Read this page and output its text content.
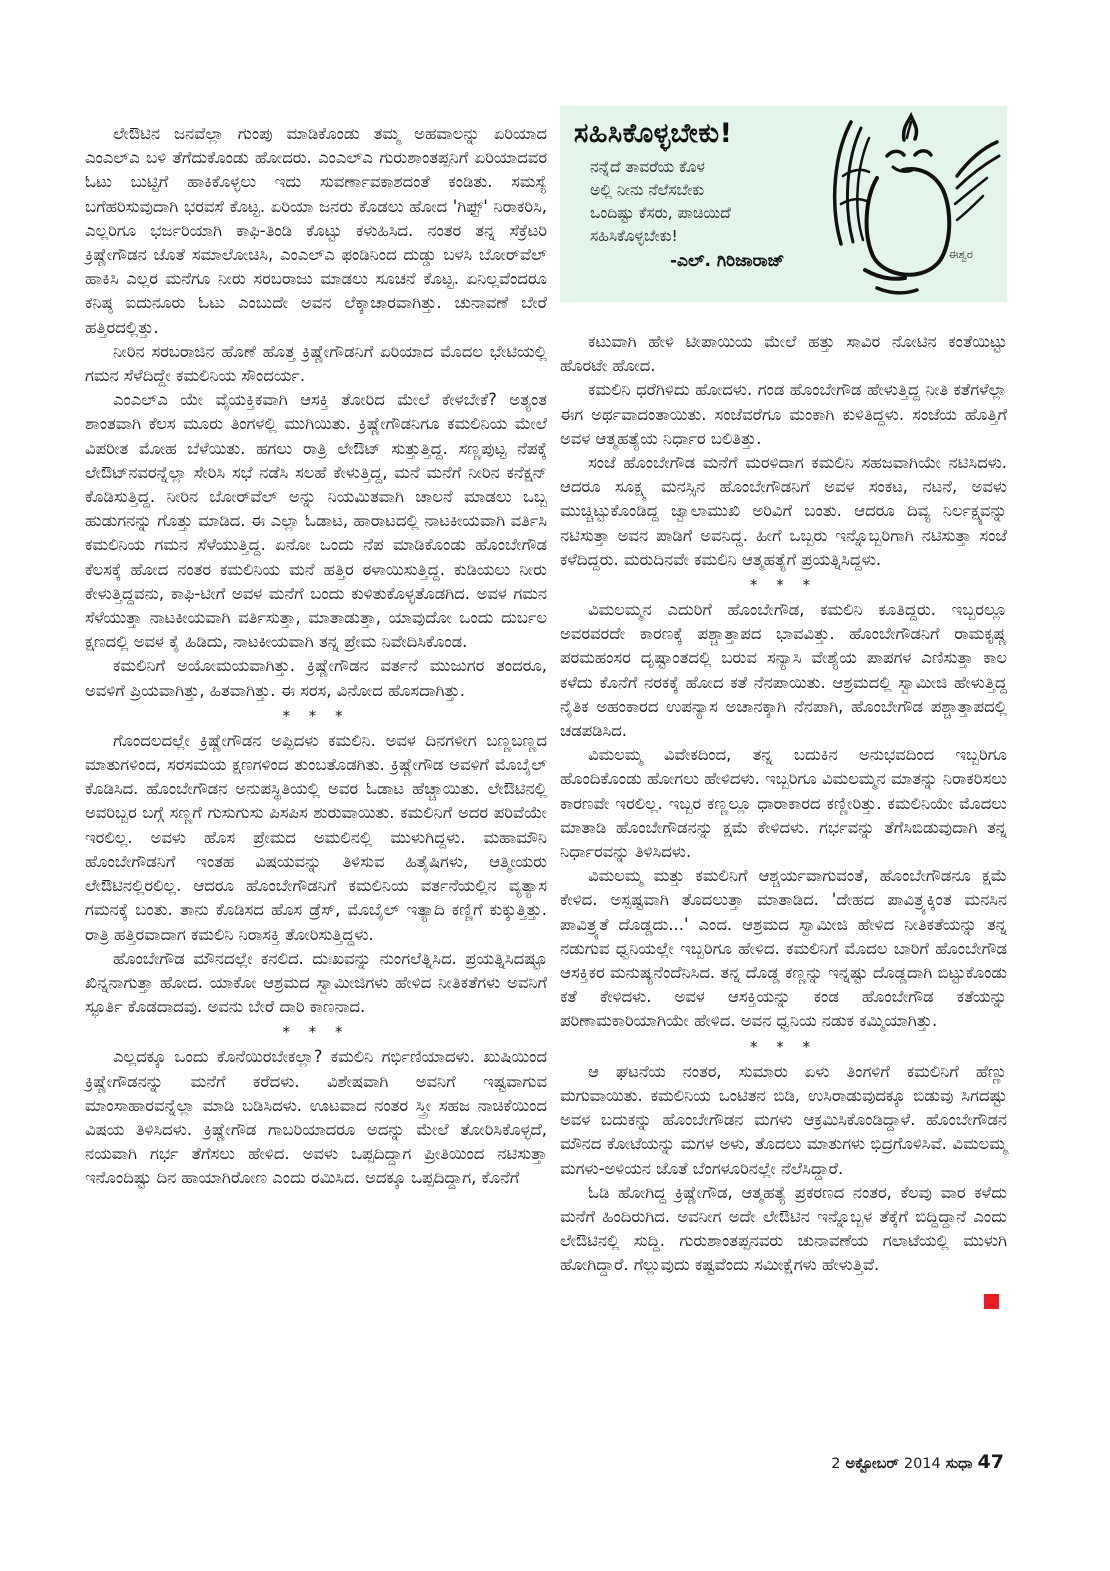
ಲೇಔಟಿನ ಜನವೆಲ್ಲಾ ಗುಂಪು ಮಾಡಿಕೊಂಡು ತಮ್ಮ ಅಹವಾಲನ್ನು ಏರಿಯಾದ ಎಂಎಲ್‌ಎ ಬಳಿ ತೆಗೆದುಕೊಂಡು ಹೋದರು. ಎಂಎಲ್‌ಎ ಗುರುಶಾಂತಪ್ಪನಿಗೆ ಏರಿಯಾದವರ ಓಟು ಬುಟ್ಟಿಗೆ ಹಾಕಿಕೊಳ್ಳಲು ಇದು ಸುವರ್ಣಾವಕಾಶದಂತೆ ಕಂಡಿತು. ಸಮಸ್ಯೆ ಬಗೆಹರಿಸುವುದಾಗಿ ಭರವಸೆ ಕೊಟ್ಟ. ಏರಿಯಾ ಜನರು ಕೊಡಲು ಹೋದ 'ಗಿಫ್ಟ್' ನಿರಾಕರಿಸಿ, ಎಲ್ಲರಿಗೂ ಭರ್ಜರಿಯಾಗಿ ಕಾಫಿ-ತಿಂಡಿ ಕೊಟ್ಟು ಕಳುಹಿಸಿದ. ನಂತರ ತನ್ನ ಸೆಕ್ರೆಟರಿ ಕ್ರಿಷ್ಣೇಗೌಡನ ಜೊತೆ ಸಮಾಲೋಚಿಸಿ, ಎಂಎಲ್‌ಎ ಫಂಡಿನಿಂದ ದುಡ್ಡು ಬಳಸಿ ಬೋರ್‌ವೆಲ್ ಹಾಕಿಸಿ ಎಲ್ಲರ ಮನೆಗೂ ನೀರು ಸರಬರಾಜು ಮಾಡಲು ಸೂಚನೆ ಕೊಟ್ಟ. ಏನಿಲ್ಲವೆಂದರೂ ಕನಿಷ್ಠ ಐದುನೂರು ಓಟು ಎಂಬುದೇ ಅವನ ಲೆಕ್ಕಾಚಾರವಾಗಿತ್ತು. ಚುನಾವಣೆ ಬೇರೆ ಹತ್ತಿರದಲ್ಲಿತ್ತು.

ನೀರಿನ ಸರಬರಾಜಿನ ಹೊಣೆ ಹೊತ್ತ ಕ್ರಿಷ್ಣೇಗೌಡನಿಗೆ ಏರಿಯಾದ ಮೊದಲ ಭೇಟಿಯಲ್ಲಿ ಗಮನ ಸೆಳೆದಿದ್ದೇ ಕಮಲಿನಿಯ ಸೌಂದರ್ಯ.

ಎಂಎಲ್‌ಎ ಯೇ ವೈಯಕ್ತಿಕವಾಗಿ ಆಸಕ್ತಿ ತೋರಿದ ಮೇಲೆ ಕೇಳಬೇಕೆ? ಅತ್ಯಂತ ಶಾಂತವಾಗಿ ಕೆಲಸ ಮೂರು ತಿಂಗಳಲ್ಲಿ ಮುಗಿಯಿತು. ಕ್ರಿಷ್ಣೇಗೌಡನಿಗೂ ಕಮಲಿನಿಯ ಮೇಲೆ ವಿಪರೀತ ಮೋಹ ಬೆಳೆಯಿತು. ಹಗಲು ರಾತ್ರಿ ಲೇಔಟ್ ಸುತ್ತುತ್ತಿದ್ದ. ಸಣ್ಣಪುಟ್ಟ ನೆಪಕ್ಕೆ ಲೇಔಟ್‌ನವರನ್ನೆಲ್ಲಾ ಸೇರಿಸಿ ಸಭೆ ನಡೆಸಿ ಸಲಹೆ ಕೇಳುತ್ತಿದ್ದ, ಮನೆ ಮನೆಗೆ ನೀರಿನ ಕನೆಕ್ಷನ್ ಕೊಡಿಸುತ್ತಿದ್ದ. ನೀರಿನ ಬೋರ್‌ವೆಲ್ ಅನ್ನು ನಿಯಮಿತವಾಗಿ ಚಾಲನೆ ಮಾಡಲು ಒಬ್ಬ ಹುಡುಗನನ್ನು ಗೊತ್ತು ಮಾಡಿದ. ಈ ಎಲ್ಲಾ ಓಡಾಟ, ಹಾರಾಟದಲ್ಲಿ ನಾಟಕೀಯವಾಗಿ ವರ್ತಿಸಿ ಕಮಲಿನಿಯ ಗಮನ ಸೆಳೆಯುತ್ತಿದ್ದ. ಏನೋ ಒಂದು ನೆಪ ಮಾಡಿಕೊಂಡು ಹೊಂಬೇಗೌಡ ಕೆಲಸಕ್ಕೆ ಹೋದ ನಂತರ ಕಮಲಿನಿಯ ಮನೆ ಹತ್ತಿರ ಠಳಾಯಿಸುತ್ತಿದ್ದ. ಕುಡಿಯಲು ನೀರು ಕೇಳುತ್ತಿದ್ದವನು, ಕಾಫಿ-ಟೀಗೆ ಅವಳ ಮನೆಗೆ ಬಂದು ಕುಳಿತುಕೊಳ್ಳತೊಡಗಿದ. ಅವಳ ಗಮನ ಸೆಳೆಯುತ್ತಾ ನಾಟಕೀಯವಾಗಿ ವರ್ತಿಸುತ್ತಾ, ಮಾತಾಡುತ್ತಾ, ಯಾವುದೋ ಒಂದು ದುರ್ಬಲ ಕ್ಷಣದಲ್ಲಿ ಅವಳ ಕೈ ಹಿಡಿದು, ನಾಟಕೀಯವಾಗಿ ತನ್ನ ಪ್ರೇಮ ನಿವೇದಿಸಿಕೊಂಡ.

ಕಮಲಿನಿಗೆ ಅಯೋಮಯವಾಗಿತ್ತು. ಕ್ರಿಷ್ಣೇಗೌಡನ ವರ್ತನೆ ಮುಜುಗರ ತಂದರೂ, ಅವಳಿಗೆ ಪ್ರಿಯವಾಗಿತ್ತು, ಹಿತವಾಗಿತ್ತು. ಈ ಸರಸ, ವಿನೋದ ಹೊಸದಾಗಿತ್ತು.

* * *

ಗೊಂದಲದಲ್ಲೇ ಕ್ರಿಷ್ಣೇಗೌಡನ ಅಪ್ಪಿದಳು ಕಮಲಿನಿ. ಅವಳ ದಿನಗಳೀಗ ಬಣ್ಣಬಣ್ಣದ ಮಾತುಗಳಿಂದ, ಸರಸಮಯ ಕ್ಷಣಗಳಿಂದ ತುಂಬತೊಡಗಿತು. ಕ್ರಿಷ್ಣೇಗೌಡ ಅವಳಿಗೆ ಮೊಬೈಲ್ ಕೊಡಿಸಿದ. ಹೊಂಬೇಗೌಡನ ಅನುಪಸ್ಥಿತಿಯಲ್ಲಿ ಅವರ ಓಡಾಟ ಹೆಚ್ಚಾಯಿತು. ಲೇಔಟಿನಲ್ಲಿ ಅವರಿಬ್ಬರ ಬಗ್ಗೆ ಸಣ್ಣಗೆ ಗುಸುಗುಸು ಪಿಸಪಿಸ ಶುರುವಾಯಿತು. ಕಮಲಿನಿಗೆ ಅದರ ಪರಿವೆಯೇ ಇರಲಿಲ್ಲ. ಅವಳು ಹೊಸ ಪ್ರೇಮದ ಅಮಲಿನಲ್ಲಿ ಮುಳುಗಿದ್ದಳು. ಮಹಾಮೌನಿ ಹೊಂಬೇಗೌಡನಿಗೆ ಇಂತಹ ವಿಷಯವನ್ನು ತಿಳಿಸುವ ಹಿತೈಷಿಗಳು, ಆತ್ಮೀಯರು ಲೇಔಟಿನಲ್ಲಿರಲಿಲ್ಲ. ಆದರೂ ಹೊಂಬೇಗೌಡನಿಗೆ ಕಮಲಿನಿಯ ವರ್ತನೆಯಲ್ಲಿನ ವ್ಯತ್ಯಾಸ ಗಮನಕ್ಕೆ ಬಂತು. ತಾನು ಕೊಡಿಸದ ಹೊಸ ಡ್ರೆಸ್, ಮೊಬೈಲ್ ಇತ್ಯಾದಿ ಕಣ್ಣಿಗೆ ಕುಕ್ಕುತ್ತಿತ್ತು. ರಾತ್ರಿ ಹತ್ತಿರವಾದಾಗ ಕಮಲಿನಿ ನಿರಾಸಕ್ತಿ ತೋರಿಸುತ್ತಿದ್ದಳು.

ಹೊಂಬೇಗೌಡ ಮೌನದಲ್ಲೇ ಕನಲಿದ. ದುಃಖವನ್ನು ನುಂಗಲೆತ್ನಿಸಿದ. ಪ್ರಯತ್ನಿಸಿದಷ್ಟೂ ಖಿನ್ನನಾಗುತ್ತಾ ಹೋದ. ಯಾಕೋ ಆಶ್ರಮದ ಸ್ವಾಮೀಜಿಗಳು ಹೇಳಿದ ನೀತಿಕತೆಗಳು ಅವನಿಗೆ ಸ್ಫೂರ್ತಿ ಕೊಡದಾದವು. ಅವನು ಬೇರೆ ದಾರಿ ಕಾಣನಾದ.

* * *

ಎಲ್ಲದಕ್ಕೂ ಒಂದು ಕೊನೆಯಿರಬೇಕಲ್ಲಾ? ಕಮಲಿನಿ ಗರ್ಭಿಣಿಯಾದಳು. ಖುಷಿಯಿಂದ ಕ್ರಿಷ್ಣೇಗೌಡನನ್ನು ಮನೆಗೆ ಕರೆದಳು. ವಿಶೇಷವಾಗಿ ಅವನಿಗೆ ಇಷ್ಟವಾಗುವ ಮಾಂಸಾಹಾರವನ್ನೆಲ್ಲಾ ಮಾಡಿ ಬಡಿಸಿದಳು. ಊಟವಾದ ನಂತರ ಸ್ತ್ರೀ ಸಹಜ ನಾಚಿಕೆಯಿಂದ ವಿಷಯ ತಿಳಿಸಿದಳು. ಕ್ರಿಷ್ಣೇಗೌಡ ಗಾಬರಿಯಾದರೂ ಅದನ್ನು ಮೇಲೆ ತೋರಿಸಿಕೊಳ್ಳದೆ, ನಯವಾಗಿ ಗರ್ಭ ತೆಗೆಸಲು ಹೇಳಿದ. ಅವಳು ಒಪ್ಪದಿದ್ದಾಗ ಪ್ರೀತಿಯಿಂದ ನಟಿಸುತ್ತಾ ಇನೊಂದಿಷ್ಟು ದಿನ ಹಾಯಾಗಿರೋಣ ಎಂದು ರಮಿಸಿದ. ಅದಕ್ಕೂ ಒಪ್ಪದಿದ್ದಾಗ, ಕೊನೆಗೆ

ಸಹಿಸಿಕೊಳ್ಳಬೇಕು!
ನನ್ನೆದೆ ತಾವರೆಯ ಕೊಳ
ಅಲ್ಲಿ ನೀನು ನೆಲೆಸಬೇಕು
ಒಂದಿಷ್ಟು ಕೆಸರು, ಪಾಚಿಯಿದೆ
ಸಹಿಸಿಕೊಳ್ಳಬೇಕು!
-ಎಲ್. ಗಿರಿಜಾರಾಜ್	ಈಶ್ವರ

ಕಟುವಾಗಿ ಹೇಳಿ ಟೀಪಾಯಿಯ ಮೇಲೆ ಹತ್ತು ಸಾವಿರ ನೋಟಿನ ಕಂತೆಯಿಟ್ಟು ಹೊರಟೇ ಹೋದ.

ಕಮಲಿನಿ ಧರೆಗಿಳಿದು ಹೋದಳು. ಗಂಡ ಹೊಂಬೇಗೌಡ ಹೇಳುತ್ತಿದ್ದ ನೀತಿ ಕತೆಗಳೆಲ್ಲಾ ಈಗ ಅರ್ಥವಾದಂತಾಯಿತು. ಸಂಜೆವರೆಗೂ ಮಂಕಾಗಿ ಕುಳಿತಿದ್ದಳು. ಸಂಜೆಯ ಹೊತ್ತಿಗೆ ಅವಳ ಆತ್ಮಹತ್ಯೆಯ ನಿರ್ಧಾರ ಬಲಿತಿತ್ತು.

ಸಂಜೆ ಹೊಂಬೇಗೌಡ ಮನೆಗೆ ಮರಳಿದಾಗ ಕಮಲಿನಿ ಸಹಜವಾಗಿಯೇ ನಟಿಸಿದಳು. ಆದರೂ ಸೂಕ್ಷ್ಮ ಮನಸ್ಸಿನ ಹೊಂಬೇಗೌಡನಿಗೆ ಅವಳ ಸಂಕಟ, ನಟನೆ, ಅವಳು ಮುಚ್ಚಿಟ್ಟುಕೊಂಡಿದ್ದ ಜ್ವಾಲಾಮುಖಿ ಅರಿವಿಗೆ ಬಂತು. ಆದರೂ ದಿವ್ಯ ನಿರ್ಲಕ್ಷ್ಯವನ್ನು ನಟಿಸುತ್ತಾ ಅವನ ಪಾಡಿಗೆ ಅವನಿದ್ದ. ಹೀಗೆ ಒಬ್ಬರು ಇನ್ನೊಬ್ಬರಿಗಾಗಿ ನಟಿಸುತ್ತಾ ಸಂಜೆ ಕಳೆದಿದ್ದರು. ಮರುದಿನವೇ ಕಮಲಿನಿ ಆತ್ಮಹತ್ಯೆಗೆ ಪ್ರಯತ್ನಿಸಿದ್ದಳು.

* * *

ವಿಮಲಮ್ಮನ ಎದುರಿಗೆ ಹೊಂಬೇಗೌಡ, ಕಮಲಿನಿ ಕೂತಿದ್ದರು. ಇಬ್ಬರಲ್ಲೂ ಅವರವರದೇ ಕಾರಣಕ್ಕೆ ಪಶ್ಚಾತ್ತಾಪದ ಭಾವವಿತ್ತು. ಹೊಂಬೇಗೌಡನಿಗೆ ರಾಮಕೃಷ್ಣ ಪರಮಹಂಸರ ದೃಷ್ಟಾಂತದಲ್ಲಿ ಬರುವ ಸನ್ಯಾಸಿ ವೇಶ್ಯೆಯ ಪಾಪಗಳ ಎಣಿಸುತ್ತಾ ಕಾಲ ಕಳೆದು ಕೊನೆಗೆ ನರಕಕ್ಕೆ ಹೋದ ಕತೆ ನೆನಪಾಯಿತು. ಆಶ್ರಮದಲ್ಲಿ ಸ್ವಾಮೀಜಿ ಹೇಳುತ್ತಿದ್ದ ನೈತಿಕ ಅಹಂಕಾರದ ಉಪನ್ಯಾಸ ಅಚಾನಕ್ಕಾಗಿ ನೆನಪಾಗಿ, ಹೊಂಬೇಗೌಡ ಪಶ್ಚಾತ್ತಾಪದಲ್ಲಿ ಚಡಪಡಿಸಿದ.

ವಿಮಲಮ್ಮ ವಿವೇಕದಿಂದ, ತನ್ನ ಬದುಕಿನ ಅನುಭವದಿಂದ ಇಬ್ಬರಿಗೂ ಹೊಂದಿಕೊಂಡು ಹೋಗಲು ಹೇಳಿದಳು. ಇಬ್ಬರಿಗೂ ವಿಮಲಮ್ಮನ ಮಾತನ್ನು ನಿರಾಕರಿಸಲು ಕಾರಣವೇ ಇರಲಿಲ್ಲ. ಇಬ್ಬರ ಕಣ್ಣಲ್ಲೂ ಧಾರಾಕಾರದ ಕಣ್ಣೀರಿತ್ತು. ಕಮಲಿನಿಯೇ ಮೊದಲು ಮಾತಾಡಿ ಹೊಂಬೇಗೌಡನನ್ನು ಕ್ಷಮೆ ಕೇಳಿದಳು. ಗರ್ಭವನ್ನು ತೆಗೆಸಿಬಿಡುವುದಾಗಿ ತನ್ನ ನಿರ್ಧಾರವನ್ನು ತಿಳಿಸಿದಳು.

ವಿಮಲಮ್ಮ ಮತ್ತು ಕಮಲಿನಿಗೆ ಆಶ್ಚರ್ಯವಾಗುವಂತೆ, ಹೊಂಬೇಗೌಡನೂ ಕ್ಷಮೆ ಕೇಳಿದ. ಅಸ್ಪಷ್ಟವಾಗಿ ತೊದಲುತ್ತಾ ಮಾತಾಡಿದ. 'ದೇಹದ ಪಾವಿತ್ರ್ಯಕ್ಕಿಂತ ಮನಸಿನ ಪಾವಿತ್ರ್ಯತೆ ದೊಡ್ಡದು...' ಎಂದ. ಆಶ್ರಮದ ಸ್ವಾಮೀಜಿ ಹೇಳಿದ ನೀತಿಕತೆಯನ್ನು ತನ್ನ ನಡುಗುವ ಧ್ವನಿಯಲ್ಲೇ ಇಬ್ಬರಿಗೂ ಹೇಳಿದ. ಕಮಲಿನಿಗೆ ಮೊದಲ ಬಾರಿಗೆ ಹೊಂಬೇಗೌಡ ಆಸಕ್ತಿಕರ ಮನುಷ್ಯನೆಂದೆನಿಸಿದ. ತನ್ನ ದೊಡ್ಡ ಕಣ್ಣನ್ನು ಇನ್ನಷ್ಟು ದೊಡ್ಡದಾಗಿ ಬಿಟ್ಟುಕೊಂಡು ಕತೆ ಕೇಳಿದಳು. ಅವಳ ಆಸಕ್ತಿಯನ್ನು ಕಂಡ ಹೊಂಬೇಗೌಡ ಕತೆಯನ್ನು ಪರಿಣಾಮಕಾರಿಯಾಗಿಯೇ ಹೇಳಿದ. ಅವನ ಧ್ವನಿಯ ನಡುಕ ಕಮ್ಮಿಯಾಗಿತ್ತು.

* * *

ಆ ಘಟನೆಯ ನಂತರ, ಸುಮಾರು ಏಳು ತಿಂಗಳಿಗೆ ಕಮಲಿನಿಗೆ ಹೆಣ್ಣು ಮಗುವಾಯಿತು. ಕಮಲಿನಿಯ ಒಂಟಿತನ ಬಿಡಿ, ಉಸಿರಾಡುವುದಕ್ಕೂ ಬಿಡುವು ಸಿಗದಷ್ಟು ಅವಳ ಬದುಕನ್ನು ಹೊಂಬೇಗೌಡನ ಮಗಳು ಆಕ್ರಮಿಸಿಕೊಂಡಿದ್ದಾಳೆ. ಹೊಂಬೇಗೌಡನ ಮೌನದ ಕೋಟೆಯನ್ನು ಮಗಳ ಅಳು, ತೊದಲು ಮಾತುಗಳು ಭಿದ್ರಗೊಳಿಸಿವೆ. ವಿಮಲಮ್ಮ ಮಗಳು-ಅಳಿಯನ ಜೊತೆ ಬೆಂಗಳೂರಿನಲ್ಲೇ ನೆಲೆಸಿದ್ದಾರೆ.

ಓಡಿ ಹೋಗಿದ್ದ ಕ್ರಿಷ್ಣೇಗೌಡ, ಆತ್ಮಹತ್ಯೆ ಪ್ರಕರಣದ ನಂತರ, ಕೆಲವು ವಾರ ಕಳೆದು ಮನೆಗೆ ಹಿಂದಿರುಗಿದ. ಅವನೀಗ ಅದೇ ಲೇಔಟಿನ ಇನ್ನೊಬ್ಬಳ ತೆಕ್ಕೆಗೆ ಬಿದ್ದಿದ್ದಾನೆ ಎಂದು ಲೇಔಟಿನಲ್ಲಿ ಸುದ್ದಿ. ಗುರುಶಾಂತಪ್ಪನವರು ಚುನಾವಣೆಯ ಗಲಾಟೆಯಲ್ಲಿ ಮುಳುಗಿ ಹೋಗಿದ್ದಾರೆ. ಗೆಲ್ಲುವುದು ಕಷ್ಟವೆಂದು ಸಮೀಕ್ಷೆಗಳು ಹೇಳುತ್ತಿವೆ.

2 ಅಕ್ಟೋಬರ್ 2014 ಸುಧಾ 47
